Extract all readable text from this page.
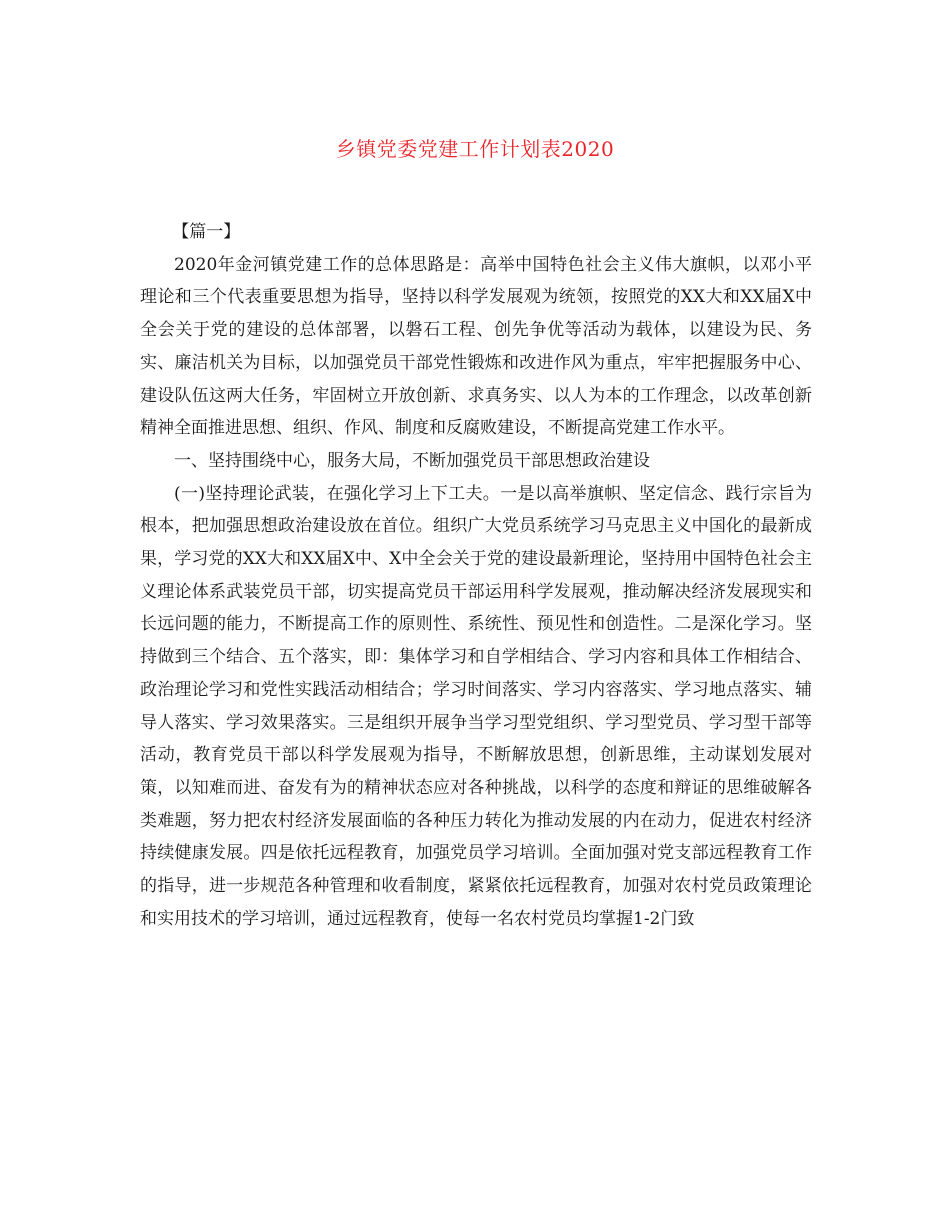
乡镇党委党建工作计划表2020

【篇一】

2020年金河镇党建工作的总体思路是：高举中国特色社会主义伟大旗帜，以邓小平理论和三个代表重要思想为指导，坚持以科学发展观为统领，按照党的XX大和XX届X中全会关于党的建设的总体部署，以磐石工程、创先争优等活动为载体，以建设为民、务实、廉洁机关为目标，以加强党员干部党性锻炼和改进作风为重点，牢牢把握服务中心、建设队伍这两大任务，牢固树立开放创新、求真务实、以人为本的工作理念，以改革创新精神全面推进思想、组织、作风、制度和反腐败建设，不断提高党建工作水平。

一、坚持围绕中心，服务大局，不断加强党员干部思想政治建设

(一)坚持理论武装，在强化学习上下工夫。一是以高举旗帜、坚定信念、践行宗旨为根本，把加强思想政治建设放在首位。组织广大党员系统学习马克思主义中国化的最新成果，学习党的XX大和XX届X中、X中全会关于党的建设最新理论，坚持用中国特色社会主义理论体系武装党员干部，切实提高党员干部运用科学发展观，推动解决经济发展现实和长远问题的能力，不断提高工作的原则性、系统性、预见性和创造性。二是深化学习。坚持做到三个结合、五个落实，即：集体学习和自学相结合、学习内容和具体工作相结合、政治理论学习和党性实践活动相结合；学习时间落实、学习内容落实、学习地点落实、辅导人落实、学习效果落实。三是组织开展争当学习型党组织、学习型党员、学习型干部等活动，教育党员干部以科学发展观为指导，不断解放思想，创新思维，主动谋划发展对策，以知难而进、奋发有为的精神状态应对各种挑战，以科学的态度和辩证的思维破解各类难题，努力把农村经济发展面临的各种压力转化为推动发展的内在动力，促进农村经济持续健康发展。四是依托远程教育，加强党员学习培训。全面加强对党支部远程教育工作的指导，进一步规范各种管理和收看制度，紧紧依托远程教育，加强对农村党员政策理论和实用技术的学习培训，通过远程教育，使每一名农村党员均掌握1-2门致
